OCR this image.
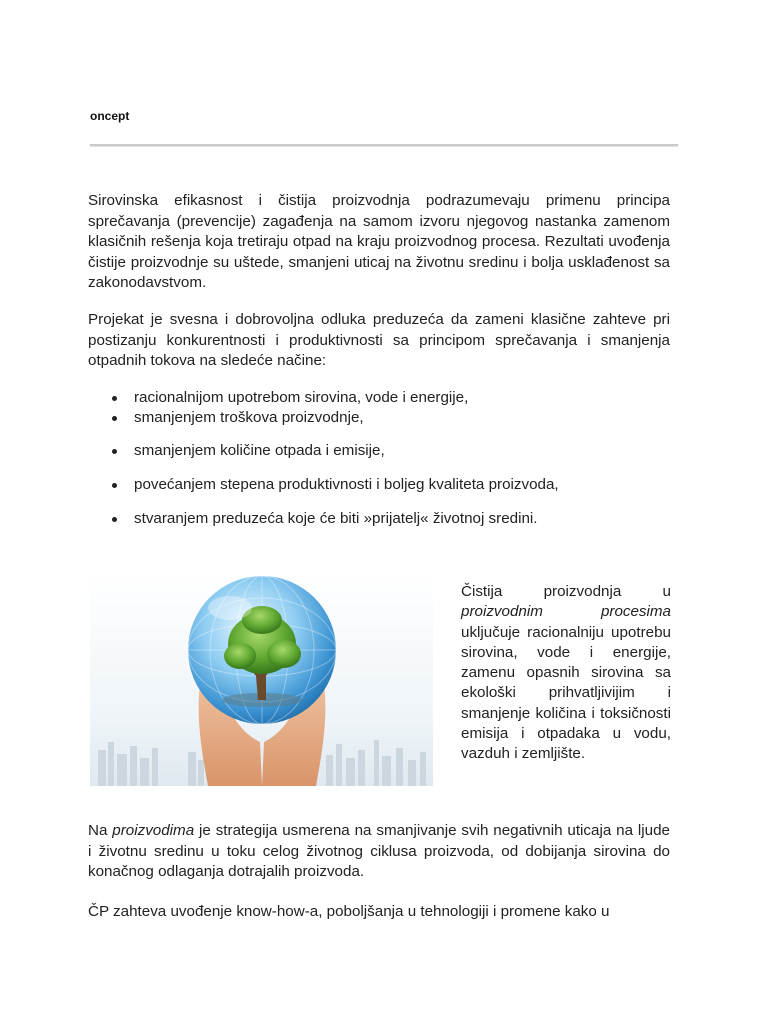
oncept

Sirovinska efikasnost i čistija proizvodnja podrazumevaju primenu principa sprečavanja (prevencije) zagađenja na samom izvoru njegovog nastanka zamenom klasičnih rešenja koja tretiraju otpad na kraju proizvodnog procesa. Rezultati uvođenja čistije proizvodnje su uštede, smanjeni uticaj na životnu sredinu i bolja usklađenost sa zakonodavstvom.

Projekat je svesna i dobrovoljna odluka preduzeća da zameni klasične zahteve pri postizanju konkurentnosti i produktivnosti sa principom sprečavanja i smanjenja otpadnih tokova na sledeće načine:

racionalnijom upotrebom sirovina, vode i energije,
smanjenjem troškova proizvodnje,
smanjenjem količine otpada i emisije,
povećanjem stepena produktivnosti i boljeg kvaliteta proizvoda,
stvaranjem preduzeća koje će biti »prijatelj« životnoj sredini.

Čistija proizvodnja u proizvodnim procesima uključuje racionalniju upotrebu sirovina, vode i energije, zamenu opasnih sirovina sa ekološki prihvatljivijim i smanjenje količina i toksičnosti emisija i otpadaka u vodu, vazduh i zemljište.

Na proizvodima je strategija usmerena na smanjivanje svih negativnih uticaja na ljude i životnu sredinu u toku celog životnog ciklusa proizvoda, od dobijanja sirovina do konačnog odlaganja dotrajalih proizvoda.

ČP zahteva uvođenje know-how-a, poboljšanja u tehnologiji i promene kako u
